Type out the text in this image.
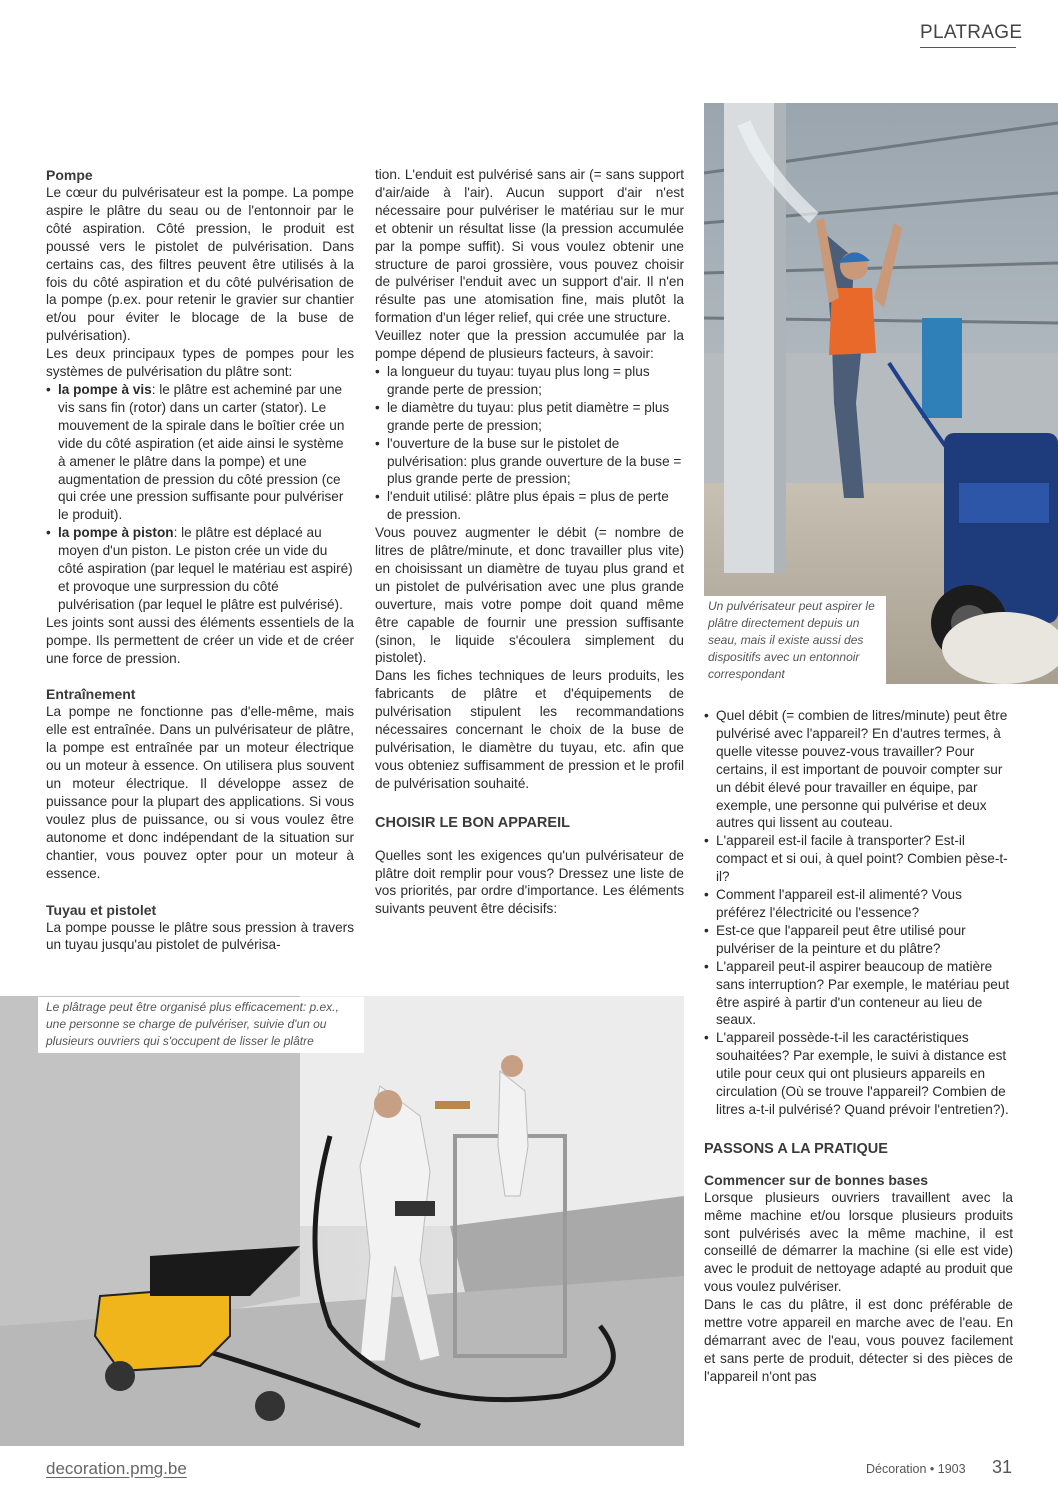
PLATRAGE
Un pulvérisateur peut aspirer le plâtre directement depuis un seau, mais il existe aussi des dispositifs avec un entonnoir correspondant

Pompe

Le cœur du pulvérisateur est la pompe. La pompe aspire le plâtre du seau ou de l'entonnoir par le côté aspiration. Côté pression, le produit est poussé vers le pistolet de pulvérisation. Dans certains cas, des filtres peuvent être utilisés à la fois du côté aspiration et du côté pulvérisation de la pompe (p.ex. pour retenir le gravier sur chantier et/ou pour éviter le blocage de la buse de pulvérisation).

Les deux principaux types de pompes pour les systèmes de pulvérisation du plâtre sont:

• la pompe à vis: le plâtre est acheminé par une vis sans fin (rotor) dans un carter (stator). Le mouvement de la spirale dans le boîtier crée un vide du côté aspiration (et aide ainsi le système à amener le plâtre dans la pompe) et une augmentation de pression du côté pression (ce qui crée une pression suffisante pour pulvériser le produit).
• la pompe à piston: le plâtre est déplacé au moyen d'un piston. Le piston crée un vide du côté aspiration (par lequel le matériau est aspiré) et provoque une surpression du côté pulvérisation (par lequel le plâtre est pulvérisé).

Les joints sont aussi des éléments essentiels de la pompe. Ils permettent de créer un vide et de créer une force de pression.

Entraînement

La pompe ne fonctionne pas d'elle-même, mais elle est entraînée. Dans un pulvérisateur de plâtre, la pompe est entraînée par un moteur électrique ou un moteur à essence. On utilisera plus souvent un moteur électrique. Il développe assez de puissance pour la plupart des applications. Si vous voulez plus de puissance, ou si vous voulez être autonome et donc indépendant de la situation sur chantier, vous pouvez opter pour un moteur à essence.

Tuyau et pistolet

La pompe pousse le plâtre sous pression à travers un tuyau jusqu'au pistolet de pulvérisa-

tion. L'enduit est pulvérisé sans air (= sans support d'air/aide à l'air). Aucun support d'air n'est nécessaire pour pulvériser le matériau sur le mur et obtenir un résultat lisse (la pression accumulée par la pompe suffit). Si vous voulez obtenir une structure de paroi grossière, vous pouvez choisir de pulvériser l'enduit avec un support d'air. Il n'en résulte pas une atomisation fine, mais plutôt la formation d'un léger relief, qui crée une structure.

Veuillez noter que la pression accumulée par la pompe dépend de plusieurs facteurs, à savoir:

• la longueur du tuyau: tuyau plus long = plus grande perte de pression;
• le diamètre du tuyau: plus petit diamètre = plus grande perte de pression;
• l'ouverture de la buse sur le pistolet de pulvérisation: plus grande ouverture de la buse = plus grande perte de pression;
• l'enduit utilisé: plâtre plus épais = plus de perte de pression.

Vous pouvez augmenter le débit (= nombre de litres de plâtre/minute, et donc travailler plus vite) en choisissant un diamètre de tuyau plus grand et un pistolet de pulvérisation avec une plus grande ouverture, mais votre pompe doit quand même être capable de fournir une pression suffisante (sinon, le liquide s'écoulera simplement du pistolet).

Dans les fiches techniques de leurs produits, les fabricants de plâtre et d'équipements de pulvérisation stipulent les recommandations nécessaires concernant le choix de la buse de pulvérisation, le diamètre du tuyau, etc. afin que vous obteniez suffisamment de pression et le profil de pulvérisation souhaité.

CHOISIR LE BON APPAREIL

Quelles sont les exigences qu'un pulvérisateur de plâtre doit remplir pour vous? Dressez une liste de vos priorités, par ordre d'importance. Les éléments suivants peuvent être décisifs:

• Quel débit (= combien de litres/minute) peut être pulvérisé avec l'appareil? En d'autres termes, à quelle vitesse pouvez-vous travailler? Pour certains, il est important de pouvoir compter sur un débit élevé pour travailler en équipe, par exemple, une personne qui pulvérise et deux autres qui lissent au couteau.
• L'appareil est-il facile à transporter? Est-il compact et si oui, à quel point? Combien pèse-t-il?
• Comment l'appareil est-il alimenté? Vous préférez l'électricité ou l'essence?
• Est-ce que l'appareil peut être utilisé pour pulvériser de la peinture et du plâtre?
• L'appareil peut-il aspirer beaucoup de matière sans interruption? Par exemple, le matériau peut être aspiré à partir d'un conteneur au lieu de seaux.
• L'appareil possède-t-il les caractéristiques souhaitées? Par exemple, le suivi à distance est utile pour ceux qui ont plusieurs appareils en circulation (Où se trouve l'appareil? Combien de litres a-t-il pulvérisé? Quand prévoir l'entretien?).

PASSONS A LA PRATIQUE

Commencer sur de bonnes bases

Lorsque plusieurs ouvriers travaillent avec la même machine et/ou lorsque plusieurs produits sont pulvérisés avec la même machine, il est conseillé de démarrer la machine (si elle est vide) avec le produit de nettoyage adapté au produit que vous voulez pulvériser.

Dans le cas du plâtre, il est donc préférable de mettre votre appareil en marche avec de l'eau. En démarrant avec de l'eau, vous pouvez facilement et sans perte de produit, détecter si des pièces de l'appareil n'ont pas

Le plâtrage peut être organisé plus efficacement: p.ex., une personne se charge de pulvériser, suivie d'un ou plusieurs ouvriers qui s'occupent de lisser le plâtre
decoration.pmg.be	Décoration • 1903 31
